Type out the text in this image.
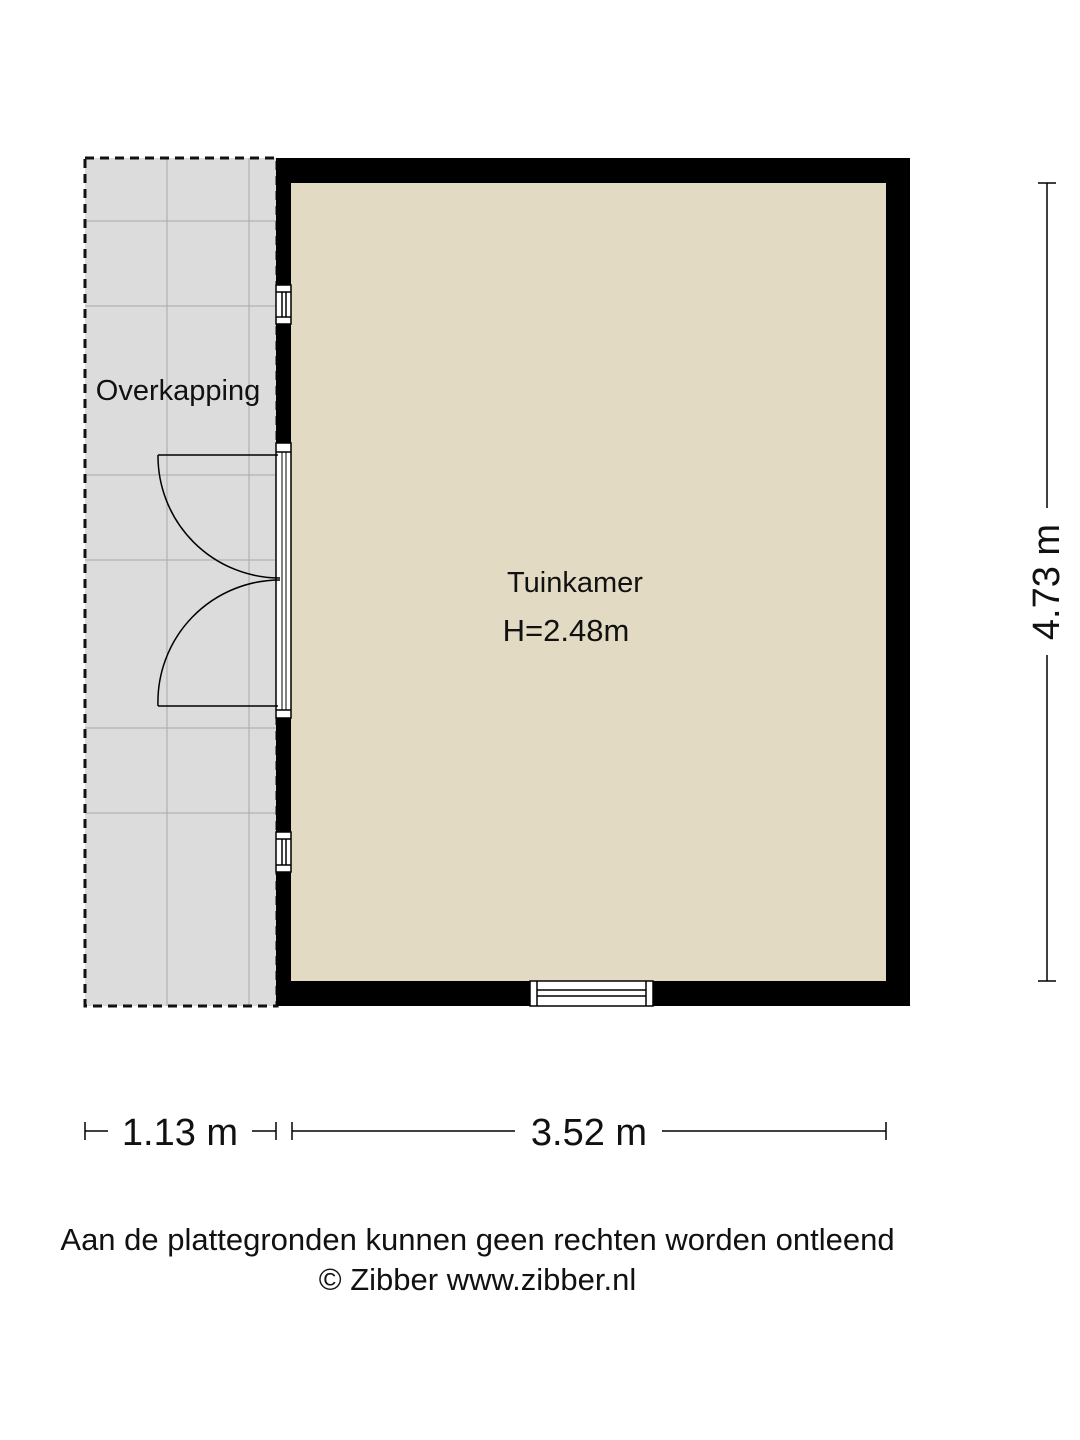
Overkapping
Tuinkamer
H=2.48m
1.13 m	3.52 m
4.73 m
Aan de plattegronden kunnen geen rechten worden ontleend
© Zibber www.zibber.nl
